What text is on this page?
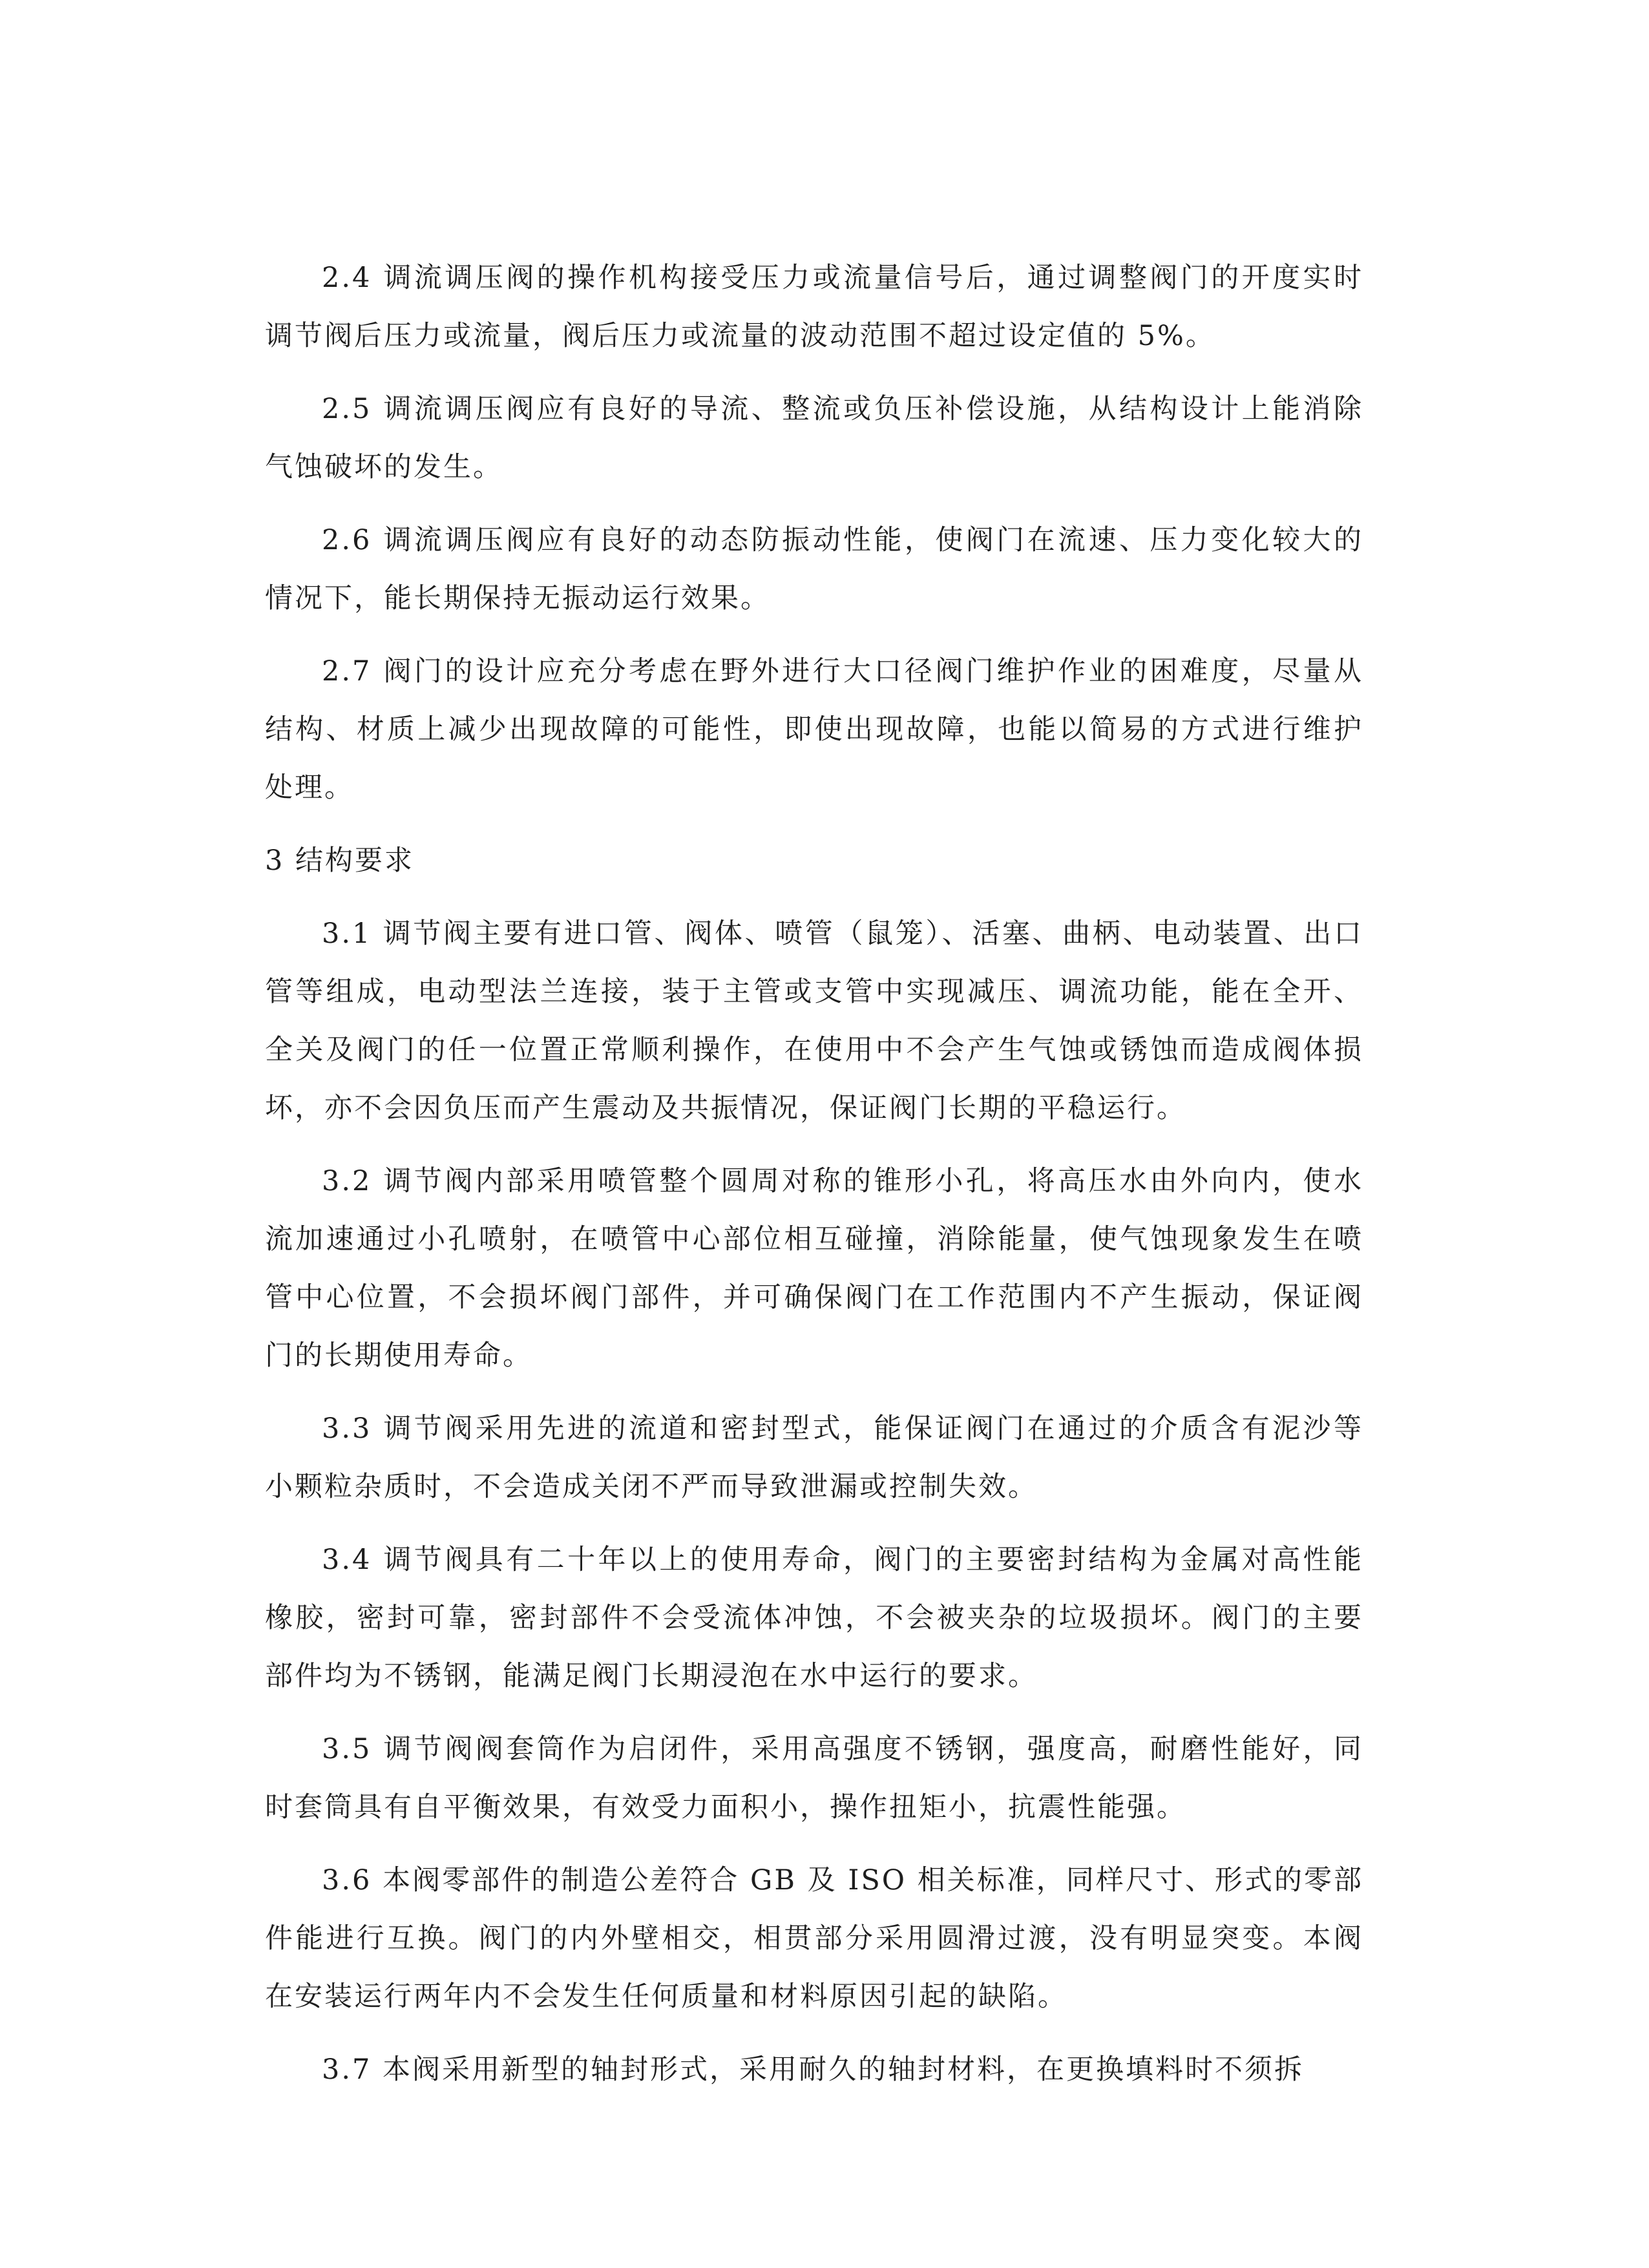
2.4 调流调压阀的操作机构接受压力或流量信号后，通过调整阀门的开度实时调节阀后压力或流量，阀后压力或流量的波动范围不超过设定值的 5%。

2.5 调流调压阀应有良好的导流、整流或负压补偿设施，从结构设计上能消除气蚀破坏的发生。

2.6 调流调压阀应有良好的动态防振动性能，使阀门在流速、压力变化较大的情况下，能长期保持无振动运行效果。

2.7 阀门的设计应充分考虑在野外进行大口径阀门维护作业的困难度，尽量从结构、材质上减少出现故障的可能性，即使出现故障，也能以简易的方式进行维护处理。

3 结构要求

3.1 调节阀主要有进口管、阀体、喷管（鼠笼）、活塞、曲柄、电动装置、出口管等组成，电动型法兰连接，装于主管或支管中实现减压、调流功能，能在全开、全关及阀门的任一位置正常顺利操作，在使用中不会产生气蚀或锈蚀而造成阀体损坏，亦不会因负压而产生震动及共振情况，保证阀门长期的平稳运行。

3.2 调节阀内部采用喷管整个圆周对称的锥形小孔，将高压水由外向内，使水流加速通过小孔喷射，在喷管中心部位相互碰撞，消除能量，使气蚀现象发生在喷管中心位置，不会损坏阀门部件，并可确保阀门在工作范围内不产生振动，保证阀门的长期使用寿命。

3.3 调节阀采用先进的流道和密封型式，能保证阀门在通过的介质含有泥沙等小颗粒杂质时，不会造成关闭不严而导致泄漏或控制失效。

3.4 调节阀具有二十年以上的使用寿命，阀门的主要密封结构为金属对高性能橡胶，密封可靠，密封部件不会受流体冲蚀，不会被夹杂的垃圾损坏。阀门的主要部件均为不锈钢，能满足阀门长期浸泡在水中运行的要求。

3.5 调节阀阀套筒作为启闭件，采用高强度不锈钢，强度高，耐磨性能好，同时套筒具有自平衡效果，有效受力面积小，操作扭矩小，抗震性能强。

3.6 本阀零部件的制造公差符合 GB 及 ISO 相关标准，同样尺寸、形式的零部件能进行互换。阀门的内外壁相交，相贯部分采用圆滑过渡，没有明显突变。本阀在安装运行两年内不会发生任何质量和材料原因引起的缺陷。

3.7 本阀采用新型的轴封形式，采用耐久的轴封材料，在更换填料时不须拆
